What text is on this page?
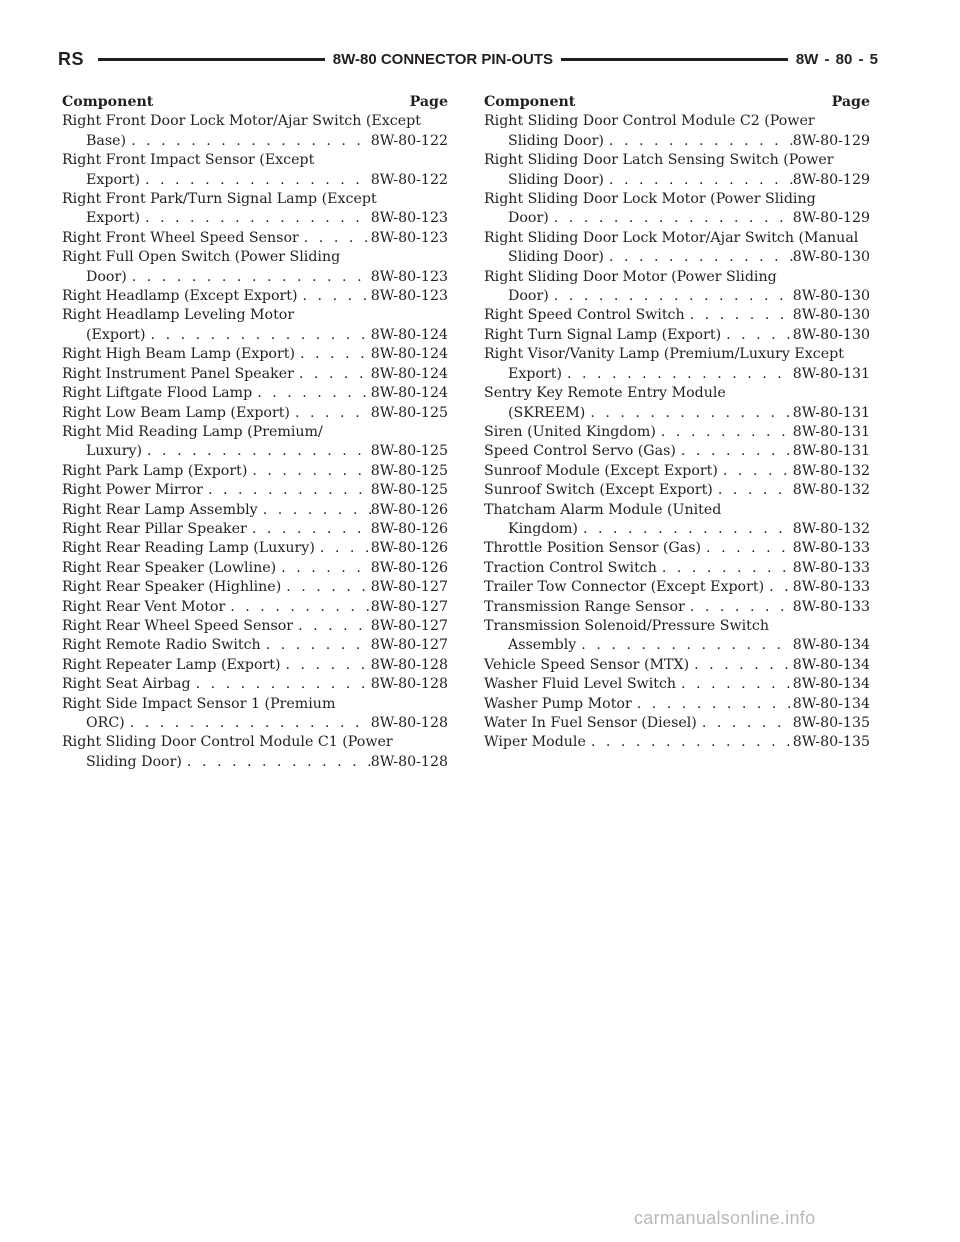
RS	8W-80 CONNECTOR PIN-OUTS	8W - 80 - 5
Component	Page
Right Front Door Lock Motor/Ajar Switch (Except
Base) . . .	8W-80-122
Right Front Impact Sensor (Except
Export) . . .	8W-80-122
Right Front Park/Turn Signal Lamp (Except
Export) . . .	8W-80-123
Right Front Wheel Speed Sensor . . .	8W-80-123
Right Full Open Switch (Power Sliding
Door) . . .	8W-80-123
Right Headlamp (Except Export) . . .	8W-80-123
Right Headlamp Leveling Motor
(Export) . . .	8W-80-124
Right High Beam Lamp (Export) . . .	8W-80-124
Right Instrument Panel Speaker . . .	8W-80-124
Right Liftgate Flood Lamp . . .	8W-80-124
Right Low Beam Lamp (Export) . . .	8W-80-125
Right Mid Reading Lamp (Premium/
Luxury) . . .	8W-80-125
Right Park Lamp (Export) . . .	8W-80-125
Right Power Mirror . . .	8W-80-125
Right Rear Lamp Assembly . . .	8W-80-126
Right Rear Pillar Speaker . . .	8W-80-126
Right Rear Reading Lamp (Luxury) . . .	8W-80-126
Right Rear Speaker (Lowline) . . .	8W-80-126
Right Rear Speaker (Highline) . . .	8W-80-127
Right Rear Vent Motor . . .	8W-80-127
Right Rear Wheel Speed Sensor . . .	8W-80-127
Right Remote Radio Switch . . .	8W-80-127
Right Repeater Lamp (Export) . . .	8W-80-128
Right Seat Airbag . . .	8W-80-128
Right Side Impact Sensor 1 (Premium
ORC) . . .	8W-80-128
Right Sliding Door Control Module C1 (Power
Sliding Door) . . .	8W-80-128
Component	Page
Right Sliding Door Control Module C2 (Power
Sliding Door) . . .	8W-80-129
Right Sliding Door Latch Sensing Switch (Power
Sliding Door) . . .	8W-80-129
Right Sliding Door Lock Motor (Power Sliding
Door) . . .	8W-80-129
Right Sliding Door Lock Motor/Ajar Switch (Manual
Sliding Door) . . .	8W-80-130
Right Sliding Door Motor (Power Sliding
Door) . . .	8W-80-130
Right Speed Control Switch . . .	8W-80-130
Right Turn Signal Lamp (Export) . . .	8W-80-130
Right Visor/Vanity Lamp (Premium/Luxury Except
Export) . . .	8W-80-131
Sentry Key Remote Entry Module
(SKREEM) . . .	8W-80-131
Siren (United Kingdom) . . .	8W-80-131
Speed Control Servo (Gas) . . .	8W-80-131
Sunroof Module (Except Export) . . .	8W-80-132
Sunroof Switch (Except Export) . . .	8W-80-132
Thatcham Alarm Module (United
Kingdom) . . .	8W-80-132
Throttle Position Sensor (Gas) . . .	8W-80-133
Traction Control Switch . . .	8W-80-133
Trailer Tow Connector (Except Export) . . . 8W-80-133
Transmission Range Sensor . . .	8W-80-133
Transmission Solenoid/Pressure Switch
Assembly . . .	8W-80-134
Vehicle Speed Sensor (MTX) . . .	8W-80-134
Washer Fluid Level Switch . . .	8W-80-134
Washer Pump Motor . . .	8W-80-134
Water In Fuel Sensor (Diesel) . . .	8W-80-135
Wiper Module . . .	8W-80-135
carmanualsonline.info
